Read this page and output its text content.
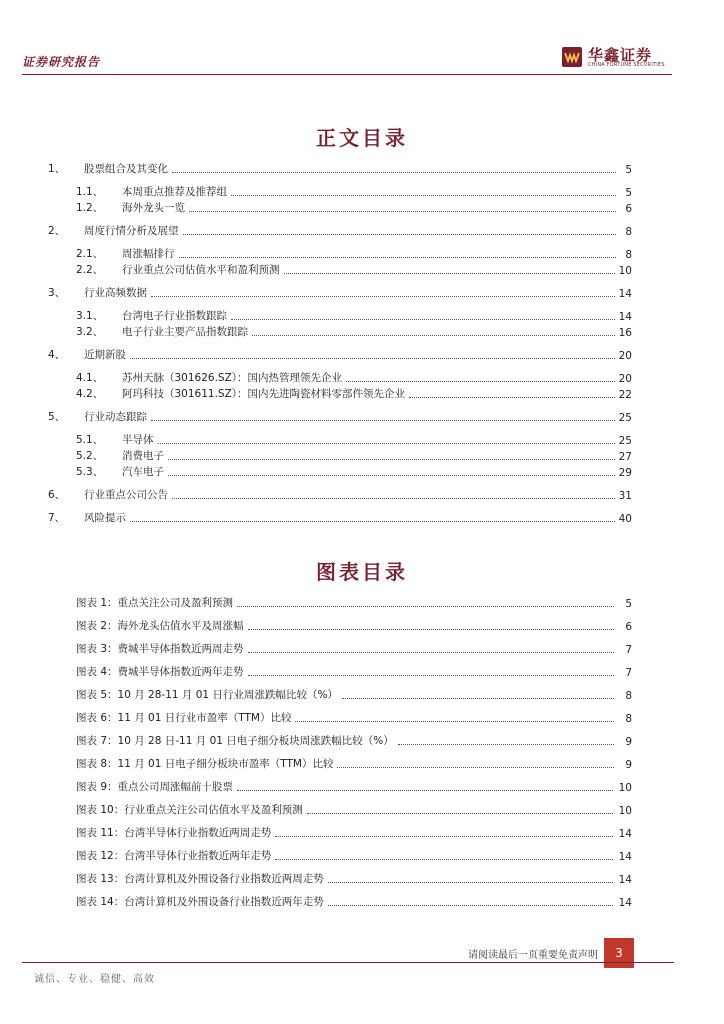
证券研究报告	华鑫证券
CHINA FORTUNE SECURITIES
正文目录
1、	股票组合及其变化	5
1.1、	本周重点推荐及推荐组	5
1.2、	海外龙头一览	6
2、	周度行情分析及展望	8
2.1、	周涨幅排行	8
2.2、	行业重点公司估值水平和盈利预测	10
3、	行业高频数据	14
3.1、	台湾电子行业指数跟踪	14
3.2、	电子行业主要产品指数跟踪	16
4、	近期新股	20
4.1、	苏州天脉（301626.SZ）：国内热管理领先企业	20
4.2、	阿玛科技（301611.SZ）：国内先进陶瓷材料零部件领先企业	22
5、	行业动态跟踪	25
5.1、	半导体	25
5.2、	消费电子	27
5.3、	汽车电子	29
6、	行业重点公司公告	31
7、	风险提示	40
图表目录
图表 1：重点关注公司及盈利预测	5
图表 2：海外龙头估值水平及周涨幅	6
图表 3：费城半导体指数近两周走势	7
图表 4：费城半导体指数近两年走势	7
图表 5：10 月 28-11 月 01 日行业周涨跌幅比较（%）	8
图表 6：11 月 01 日行业市盈率（TTM）比较	8
图表 7：10 月 28 日-11 月 01 日电子细分板块周涨跌幅比较（%）	9
图表 8：11 月 01 日电子细分板块市盈率（TTM）比较	9
图表 9：重点公司周涨幅前十股票	10
图表 10：行业重点关注公司估值水平及盈利预测	10
图表 11：台湾半导体行业指数近两周走势	14
图表 12：台湾半导体行业指数近两年走势	14
图表 13：台湾计算机及外围设备行业指数近两周走势	14
图表 14：台湾计算机及外围设备行业指数近两年走势	14
请阅读最后一页重要免责声明	3
诚信、专业、稳健、高效
